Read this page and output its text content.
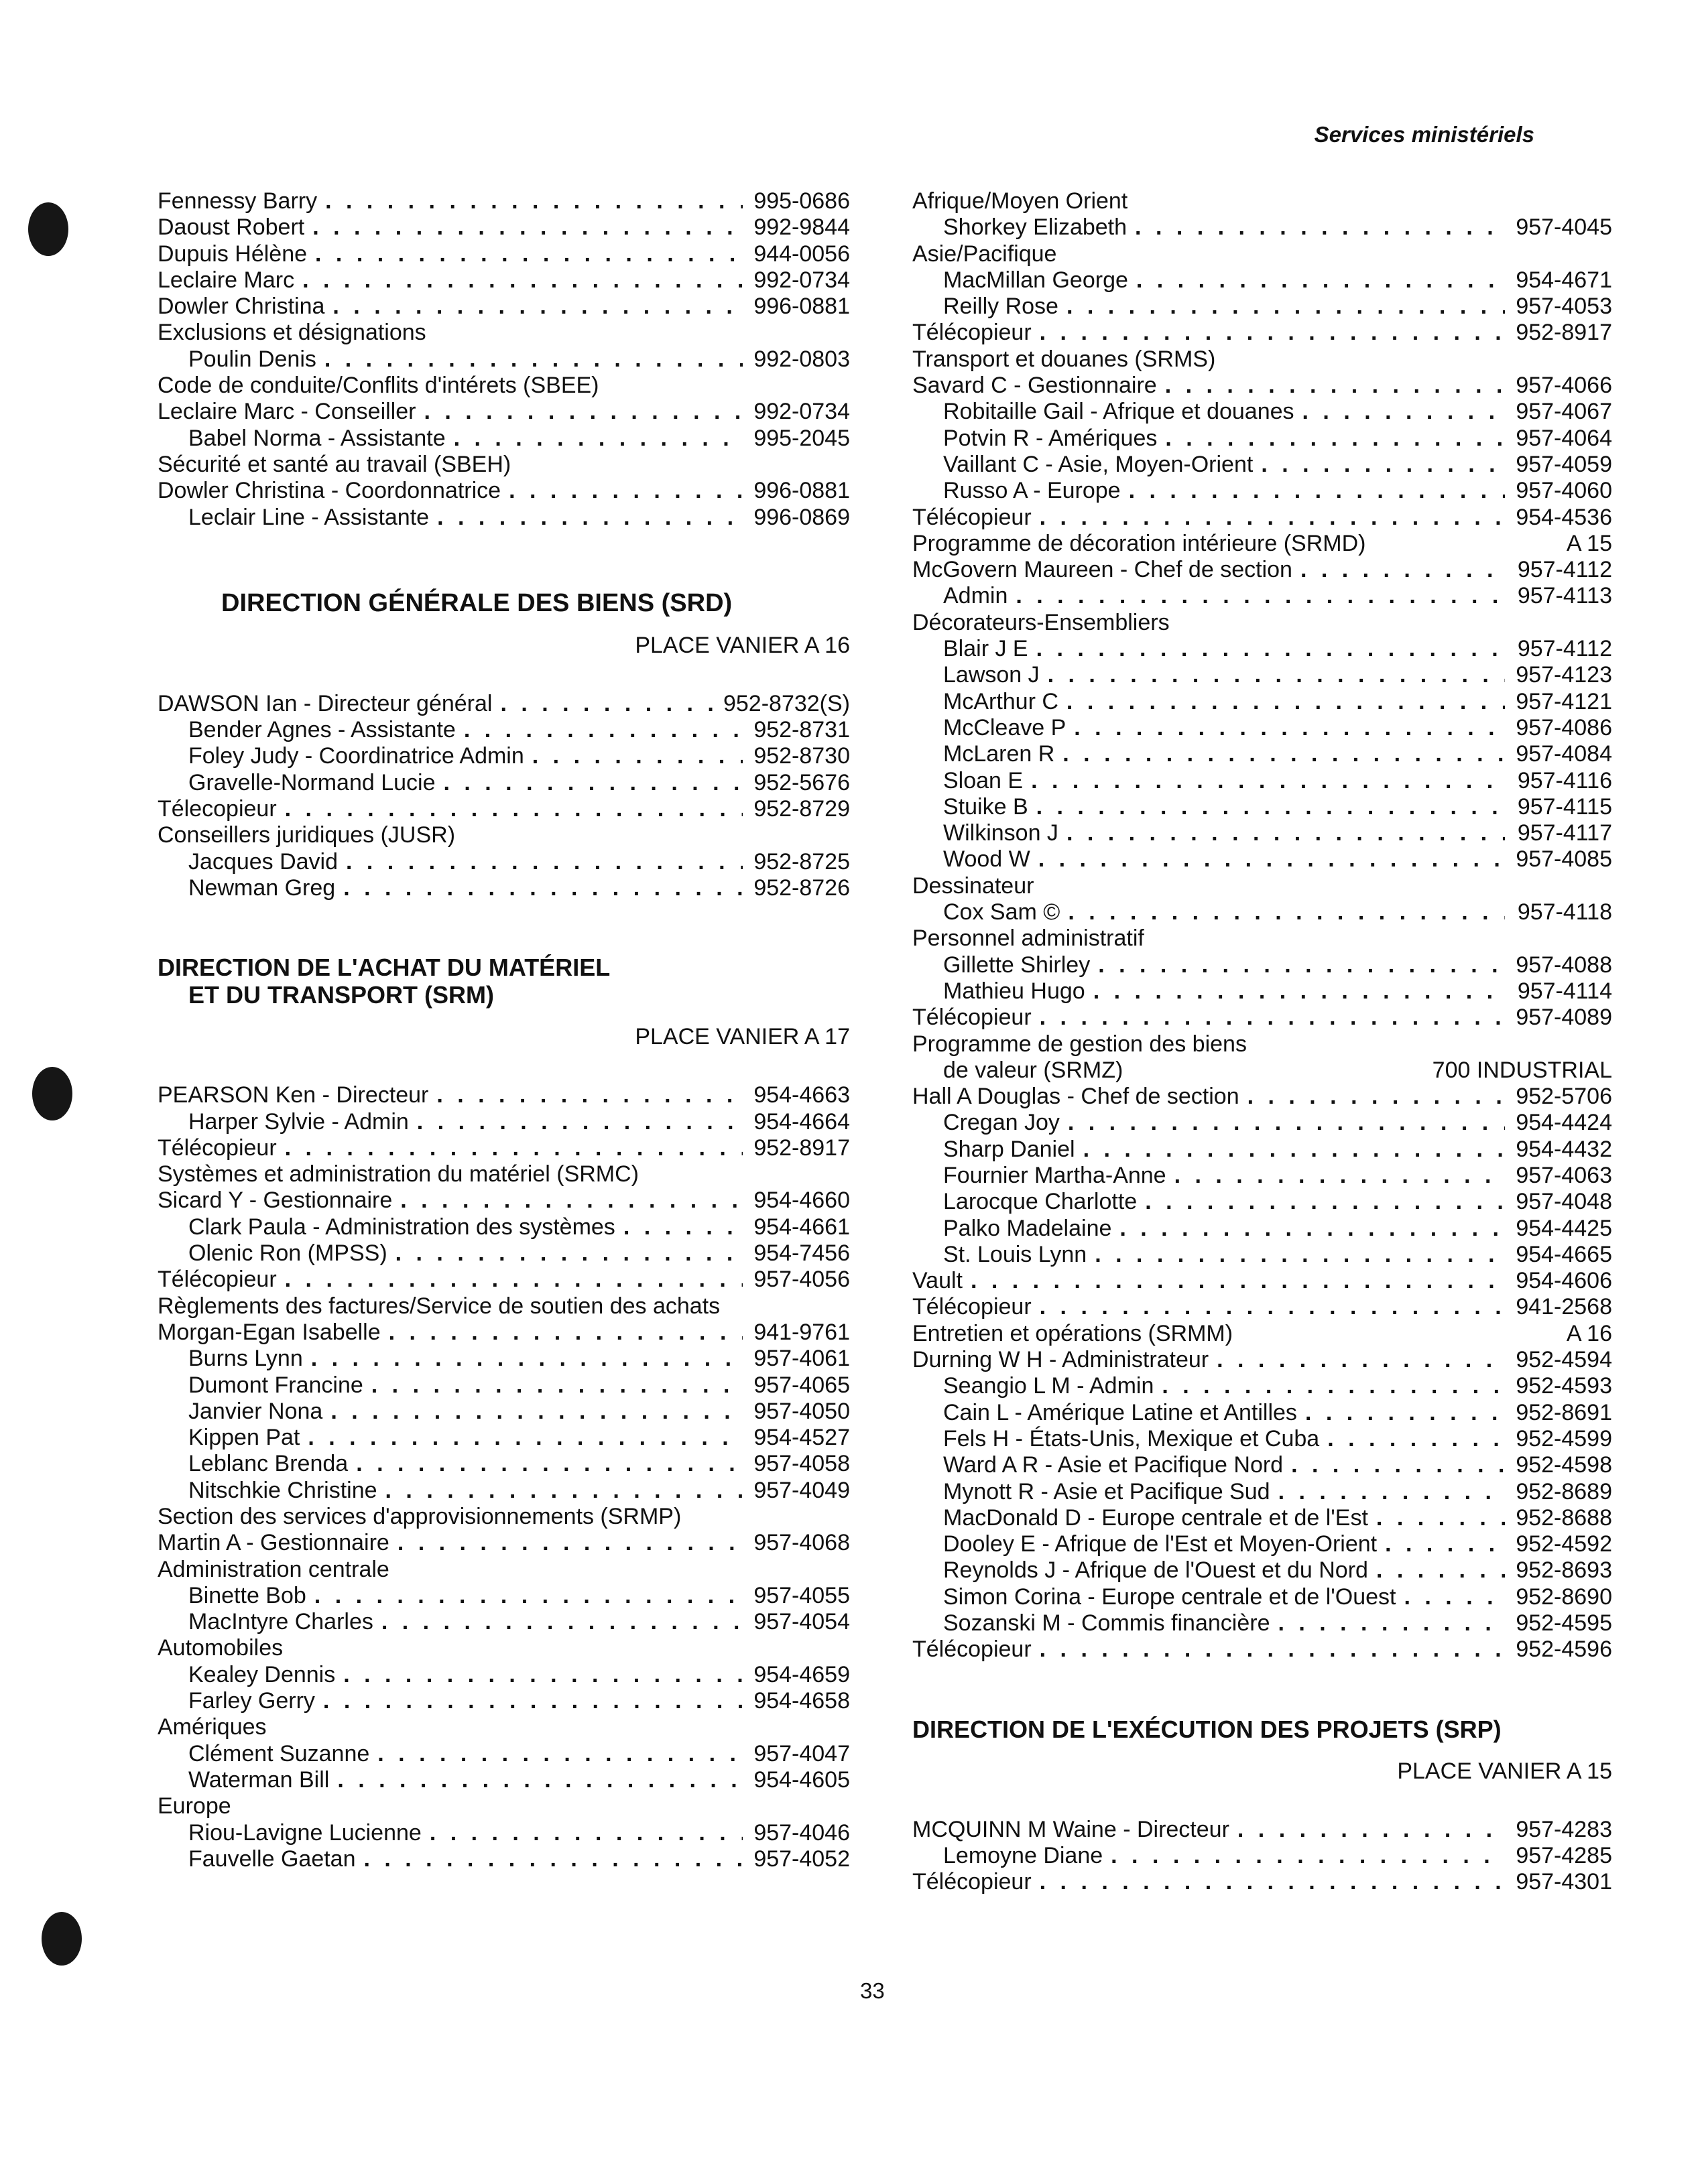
Services ministériels
Fennessy Barry . . .	995-0686
Daoust Robert . . .	992-9844
Dupuis Hélène . . .	944-0056
Leclaire Marc . . .	992-0734
Dowler Christina . . .	996-0881
Exclusions et désignations
Poulin Denis . . .	992-0803
Code de conduite/Conflits d'intérets (SBEE)
Leclaire Marc - Conseiller . . .	992-0734
Babel Norma - Assistante . . .	995-2045
Sécurité et santé au travail (SBEH)
Dowler Christina - Coordonnatrice . . .	996-0881
Leclair Line - Assistante . . .	996-0869
DIRECTION GÉNÉRALE DES BIENS (SRD)
PLACE VANIER A 16
DAWSON Ian - Directeur général . . .	952-8732(S)
Bender Agnes - Assistante . . .	952-8731
Foley Judy - Coordinatrice Admin . . .	952-8730
Gravelle-Normand Lucie . . .	952-5676
Télecopieur . . .	952-8729
Conseillers juridiques (JUSR)
Jacques David . . .	952-8725
Newman Greg . . .	952-8726
DIRECTION DE L'ACHAT DU MATÉRIEL
ET DU TRANSPORT (SRM)
PLACE VANIER A 17
PEARSON Ken - Directeur . . .	954-4663
Harper Sylvie - Admin . . .	954-4664
Télécopieur . . .	952-8917
Systèmes et administration du matériel (SRMC)
Sicard Y - Gestionnaire . . .	954-4660
Clark Paula - Administration des systèmes . . .	954-4661
Olenic Ron (MPSS) . . .	954-7456
Télécopieur . . .	957-4056
Règlements des factures/Service de soutien des achats
Morgan-Egan Isabelle . . .	941-9761
Burns Lynn . . .	957-4061
Dumont Francine . . .	957-4065
Janvier Nona . . .	957-4050
Kippen Pat . . .	954-4527
Leblanc Brenda . . .	957-4058
Nitschkie Christine . . .	957-4049
Section des services d'approvisionnements (SRMP)
Martin A - Gestionnaire . . .	957-4068
Administration centrale
Binette Bob . . .	957-4055
MacIntyre Charles . . .	957-4054
Automobiles
Kealey Dennis . . .	954-4659
Farley Gerry . . .	954-4658
Amériques
Clément Suzanne . . .	957-4047
Waterman Bill . . .	954-4605
Europe
Riou-Lavigne Lucienne . . .	957-4046
Fauvelle Gaetan . . .	957-4052
Afrique/Moyen Orient
Shorkey Elizabeth . . .	957-4045
Asie/Pacifique
MacMillan George . . .	954-4671
Reilly Rose . . .	957-4053
Télécopieur . . .	952-8917
Transport et douanes (SRMS)
Savard C - Gestionnaire . . .	957-4066
Robitaille Gail - Afrique et douanes . . .	957-4067
Potvin R - Amériques . . .	957-4064
Vaillant C - Asie, Moyen-Orient . . .	957-4059
Russo A - Europe . . .	957-4060
Télécopieur . . .	954-4536
Programme de décoration intérieure (SRMD)	A 15
McGovern Maureen - Chef de section . . .	957-4112
Admin . . .	957-4113
Décorateurs-Ensembliers
Blair J E . . .	957-4112
Lawson J . . .	957-4123
McArthur C . . .	957-4121
McCleave P . . .	957-4086
McLaren R . . .	957-4084
Sloan E . . .	957-4116
Stuike B . . .	957-4115
Wilkinson J . . .	957-4117
Wood W . . .	957-4085
Dessinateur
Cox Sam © . . .	957-4118
Personnel administratif
Gillette Shirley . . .	957-4088
Mathieu Hugo . . .	957-4114
Télécopieur . . .	957-4089
Programme de gestion des biens
de valeur (SRMZ)	700 INDUSTRIAL
Hall A Douglas - Chef de section . . .	952-5706
Cregan Joy . . .	954-4424
Sharp Daniel . . .	954-4432
Fournier Martha-Anne . . .	957-4063
Larocque Charlotte . . .	957-4048
Palko Madelaine . . .	954-4425
St. Louis Lynn . . .	954-4665
Vault . . .	954-4606
Télécopieur . . .	941-2568
Entretien et opérations (SRMM)	A 16
Durning W H - Administrateur . . .	952-4594
Seangio L M - Admin . . .	952-4593
Cain L - Amérique Latine et Antilles . . .	952-8691
Fels H - États-Unis, Mexique et Cuba . . .	952-4599
Ward A R - Asie et Pacifique Nord . . .	952-4598
Mynott R - Asie et Pacifique Sud . . .	952-8689
MacDonald D - Europe centrale et de l'Est . . .	952-8688
Dooley E - Afrique de l'Est et Moyen-Orient . . .	952-4592
Reynolds J - Afrique de l'Ouest et du Nord . . .	952-8693
Simon Corina - Europe centrale et de l'Ouest . . .	952-8690
Sozanski M - Commis financière . . .	952-4595
Télécopieur . . .	952-4596
DIRECTION DE L'EXÉCUTION DES PROJETS (SRP)
PLACE VANIER A 15
MCQUINN M Waine - Directeur . . .	957-4283
Lemoyne Diane . . .	957-4285
Télécopieur . . .	957-4301
33
